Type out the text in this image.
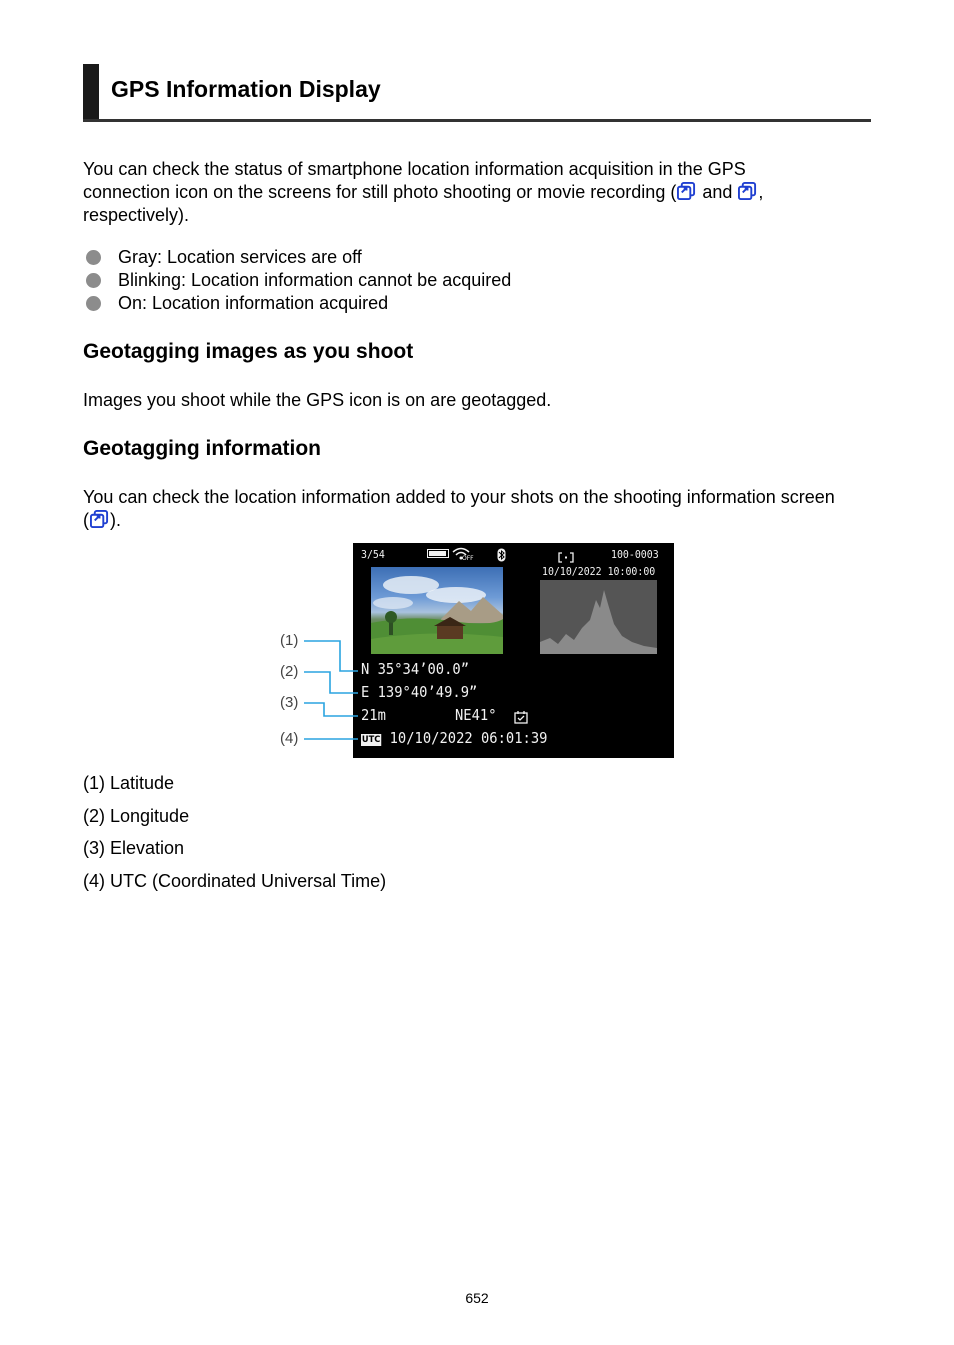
GPS Information Display

You can check the status of smartphone location information acquisition in the GPS connection icon on the screens for still photo shooting or movie recording ( and , respectively).

Gray: Location services are off
Blinking: Location information cannot be acquired
On: Location information acquired
Geotagging images as you shoot

Images you shoot while the GPS icon is on are geotagged.

Geotagging information

You can check the location information added to your shots on the shooting information screen ( ).

3/54	OFF	100-0003
10/10/2022 10:00:00
N 35°34’00.0”
E 139°40’49.9”
21m	NE41°
UTC 10/10/2022 06:01:39
(1)
(2)
(3)
(4)
(1) Latitude
(2) Longitude
(3) Elevation
(4) UTC (Coordinated Universal Time)
652
